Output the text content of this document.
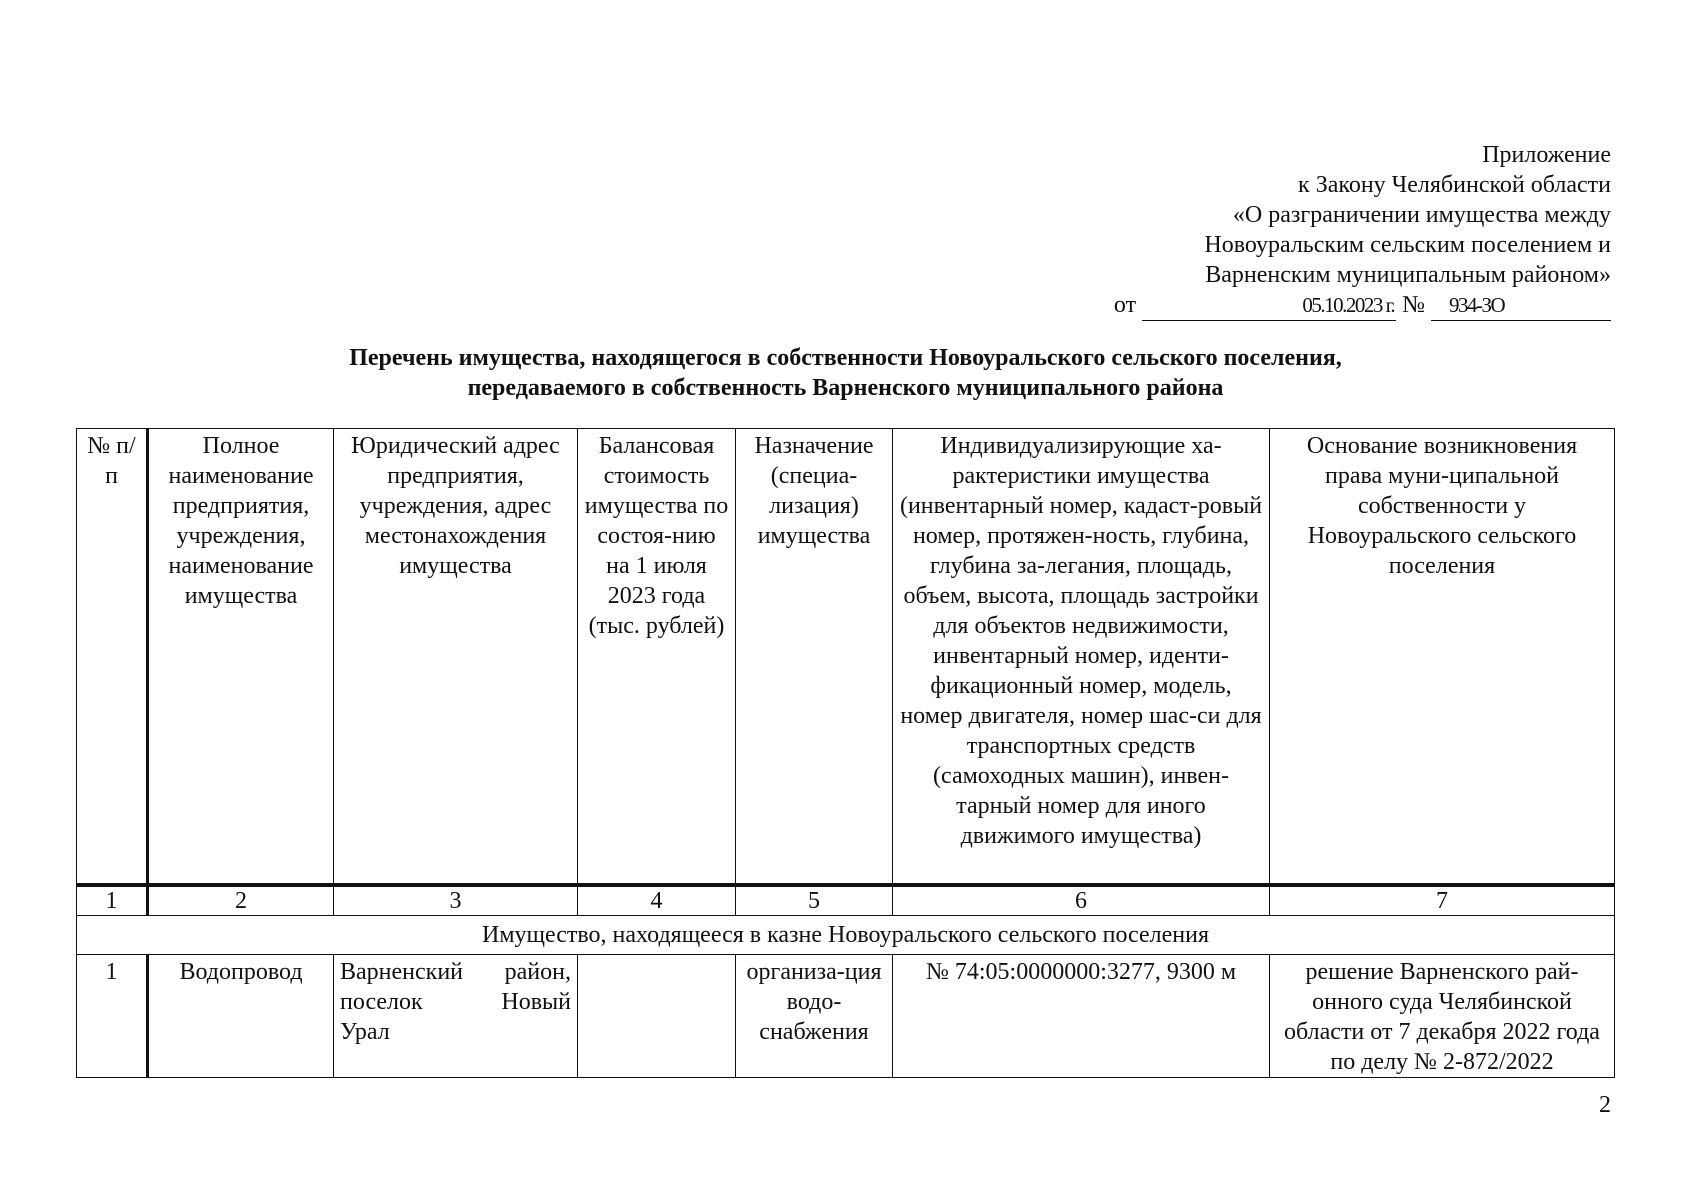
Приложение
к Закону Челябинской области
«О разграничении имущества между
Новоуральским сельским поселением и
Варненским муниципальным районом»
от	05.10.2023 г. № 934-ЗО
Перечень имущества, находящегося в собственности Новоуральского сельского поселения,
передаваемого в собственность Варненского муниципального района
№ п/п	Полное наименование предприятия, учреждения, наименование имущества	Юридический адрес предприятия, учреждения, адрес местонахождения имущества	Балансовая стоимость имущества по состоя-нию на 1 июля 2023 года (тыс. рублей)	Назначение (специа-лизация) имущества	Индивидуализирующие ха-рактеристики имущества (инвентарный номер, кадаст-ровый номер, протяжен-ность, глубина, глубина за-легания, площадь, объем, высота, площадь застройки для объектов недвижимости, инвентарный номер, иденти-фикационный номер, модель, номер двигателя, номер шас-си для транспортных средств (самоходных машин), инвен-тарный номер для иного движимого имущества)	Основание возникновения права муни-ципальной собственности у Новоуральского сельского поселения
1	2	3	4	5	6	7
Имущество, находящееся в казне Новоуральского сельского поселения						
1	Водопровод	Варненский район,
поселок Новый
Урал		организа-ция водо-снабжения	№ 74:05:0000000:3277, 9300 м	решение Варненского рай-онного суда Челябинской области от 7 декабря 2022 года по делу № 2-872/2022
2
